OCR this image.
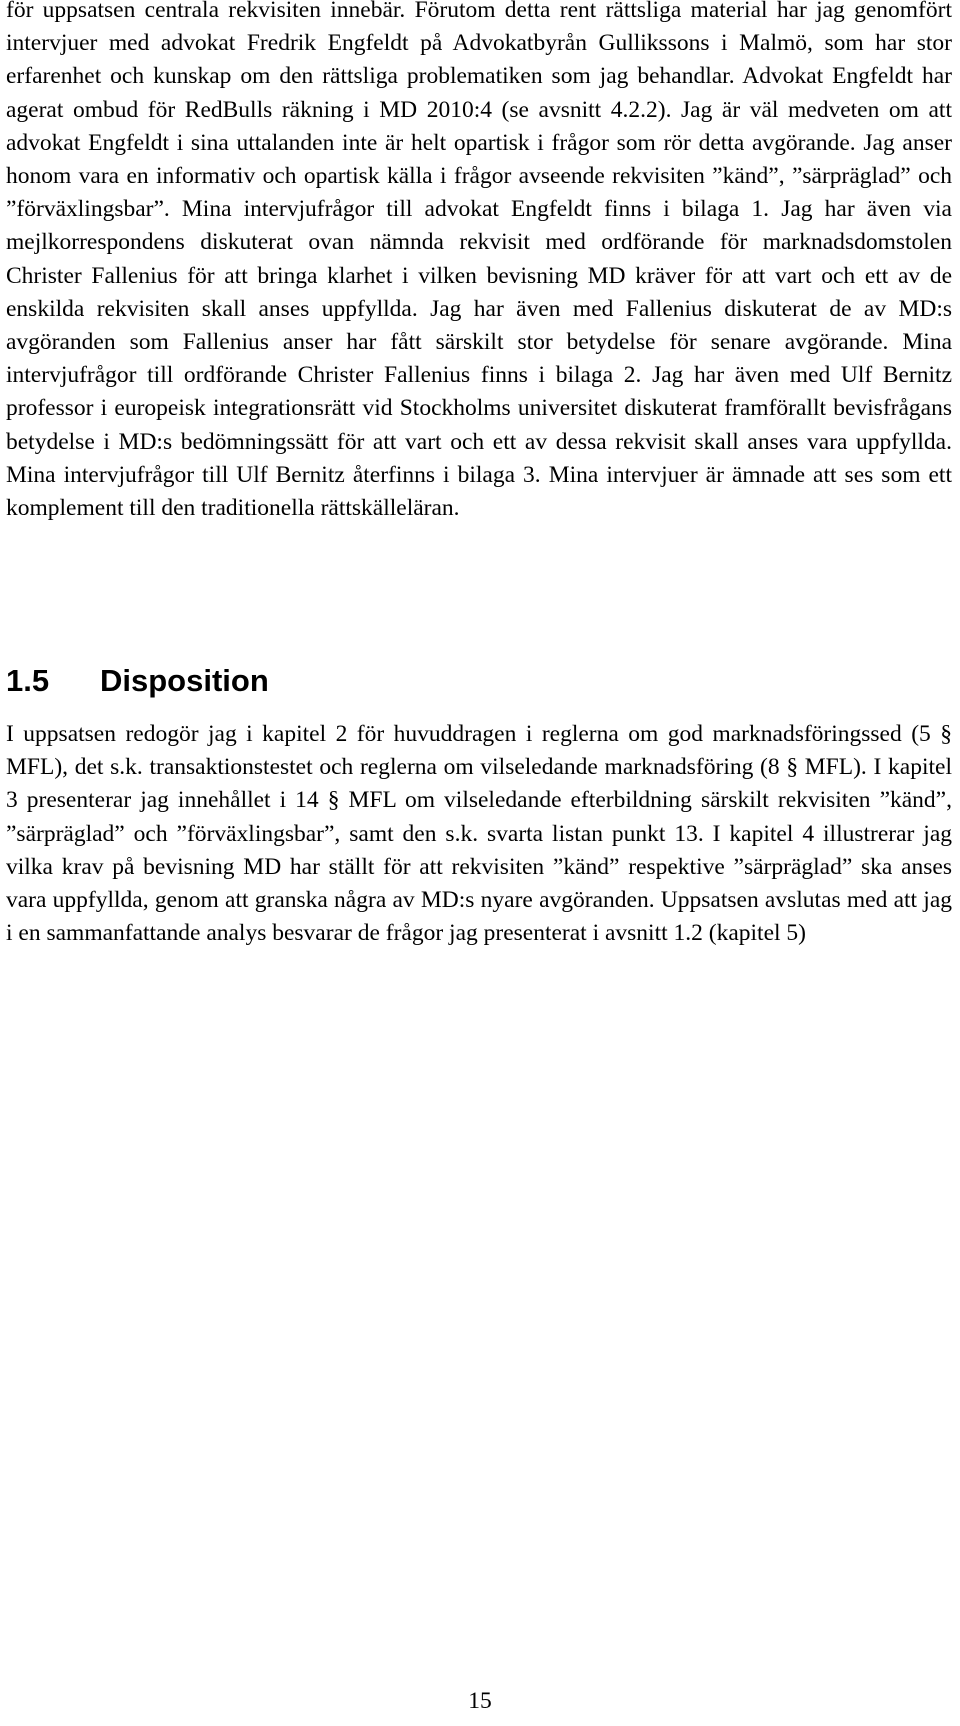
för uppsatsen centrala rekvisiten innebär. Förutom detta rent rättsliga material har jag genomfört intervjuer med advokat Fredrik Engfeldt på Advokatbyrån Gullikssons i Malmö, som har stor erfarenhet och kunskap om den rättsliga problematiken som jag behandlar. Advokat Engfeldt har agerat ombud för RedBulls räkning i MD 2010:4 (se avsnitt 4.2.2). Jag är väl medveten om att advokat Engfeldt i sina uttalanden inte är helt opartisk i frågor som rör detta avgörande. Jag anser honom vara en informativ och opartisk källa i frågor avseende rekvisiten ”känd”, ”särpräglad” och ”förväxlingsbar”. Mina intervjufrågor till advokat Engfeldt finns i bilaga 1. Jag har även via mejlkorrespondens diskuterat ovan nämnda rekvisit med ordförande för marknadsdomstolen Christer Fallenius för att bringa klarhet i vilken bevisning MD kräver för att vart och ett av de enskilda rekvisiten skall anses uppfyllda. Jag har även med Fallenius diskuterat de av MD:s avgöranden som Fallenius anser har fått särskilt stor betydelse för senare avgörande. Mina intervjufrågor till ordförande Christer Fallenius finns i bilaga 2. Jag har även med Ulf Bernitz professor i europeisk integrationsrätt vid Stockholms universitet diskuterat framförallt bevisfrågans betydelse i MD:s bedömningssätt för att vart och ett av dessa rekvisit skall anses vara uppfyllda. Mina intervjufrågor till Ulf Bernitz återfinns i bilaga 3. Mina intervjuer är ämnade att ses som ett komplement till den traditionella rättskälleläran.

1.5 Disposition

I uppsatsen redogör jag i kapitel 2 för huvuddragen i reglerna om god marknadsföringssed (5 § MFL), det s.k. transaktionstestet och reglerna om vilseledande marknadsföring (8 § MFL). I kapitel 3 presenterar jag innehållet i 14 § MFL om vilseledande efterbildning särskilt rekvisiten ”känd”, ”särpräglad” och ”förväxlingsbar”, samt den s.k. svarta listan punkt 13. I kapitel 4 illustrerar jag vilka krav på bevisning MD har ställt för att rekvisiten ”känd” respektive ”särpräglad” ska anses vara uppfyllda, genom att granska några av MD:s nyare avgöranden. Uppsatsen avslutas med att jag i en sammanfattande analys besvarar de frågor jag presenterat i avsnitt 1.2 (kapitel 5)

15
